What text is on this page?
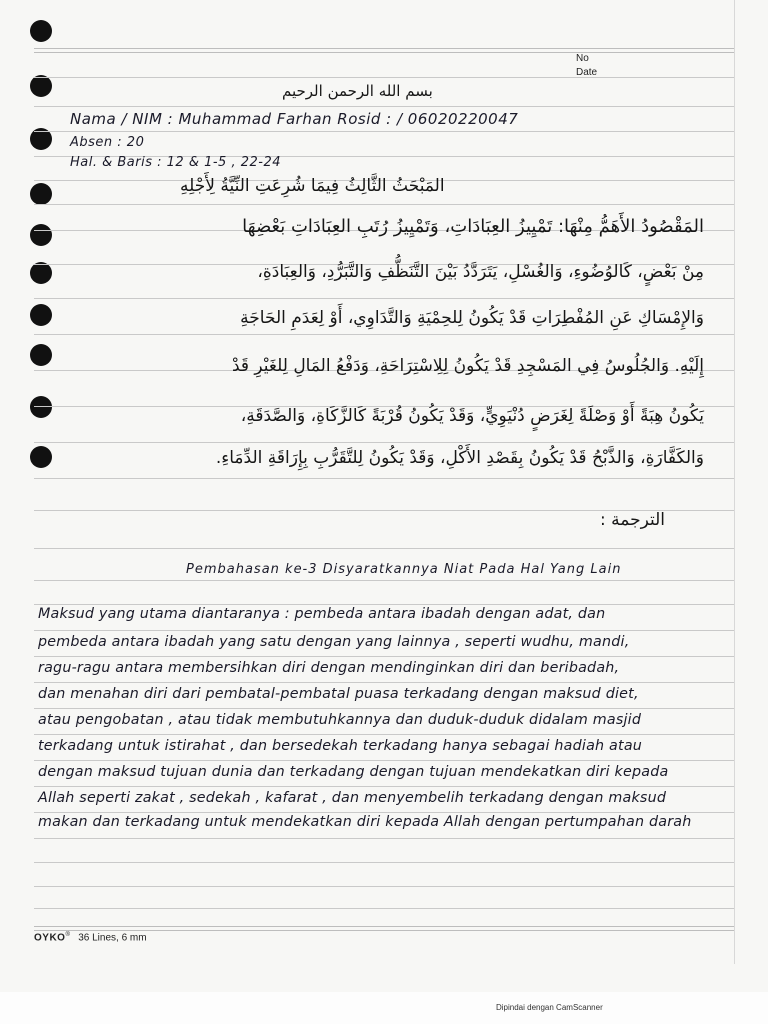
No
Date
بسم الله الرحمن الرحيم
Nama / NIM : Muhammad Farhan Rosid : / 06020220047
Absen : 20
Hal. & Baris : 12 & 1-5 , 22-24
المَبْحَثُ الثَّالِثُ فِيمَا شُرِعَتِ النِّيَّةُ لِأَجْلِهِ
المَقْصُودُ الأَهَمُّ مِنْهَا: تَمْيِيزُ العِبَادَاتِ، وَتَمْيِيزُ رُتَبِ العِبَادَاتِ بَعْضِهَا
مِنْ بَعْضٍ، كَالوُضُوءِ، وَالغُسْلِ، يَتَرَدَّدُ بَيْنَ التَّنَظُّفِ وَالتَّبَرُّدِ، وَالعِبَادَةِ،
وَالإِمْسَاكِ عَنِ المُفْطِرَاتِ قَدْ يَكُونُ لِلحِمْيَةِ وَالتَّدَاوِي، أَوْ لِعَدَمِ الحَاجَةِ
إِلَيْهِ. وَالجُلُوسُ فِي المَسْجِدِ قَدْ يَكُونُ لِلِاسْتِرَاحَةِ، وَدَفْعُ المَالِ لِلغَيْرِ قَدْ
يَكُونُ هِبَةً أَوْ وَصْلَةً لِغَرَضٍ دُنْيَوِيٍّ، وَقَدْ يَكُونُ قُرْبَةً كَالزَّكَاةِ، وَالصَّدَقَةِ،
وَالكَفَّارَةِ، وَالذَّبْحُ قَدْ يَكُونُ بِقَصْدِ الأَكْلِ، وَقَدْ يَكُونُ لِلتَّقَرُّبِ بِإِرَاقَةِ الدِّمَاءِ.
الترجمة :
Pembahasan ke-3 Disyaratkannya Niat Pada Hal Yang Lain
Maksud yang utama diantaranya : pembeda antara ibadah dengan adat, dan
pembeda antara ibadah yang satu dengan yang lainnya , seperti wudhu, mandi,
ragu-ragu antara membersihkan diri dengan mendinginkan diri dan beribadah,
dan menahan diri dari pembatal-pembatal puasa terkadang dengan maksud diet,
atau pengobatan , atau tidak membutuhkannya dan duduk-duduk didalam masjid
terkadang untuk istirahat , dan bersedekah terkadang hanya sebagai hadiah atau
dengan maksud tujuan dunia dan terkadang dengan tujuan mendekatkan diri kepada
Allah seperti zakat , sedekah , kafarat , dan menyembelih terkadang dengan maksud
makan dan terkadang untuk mendekatkan diri kepada Allah dengan pertumpahan darah
OYKO® 36 Lines, 6 mm
Dipindai dengan CamScanner
